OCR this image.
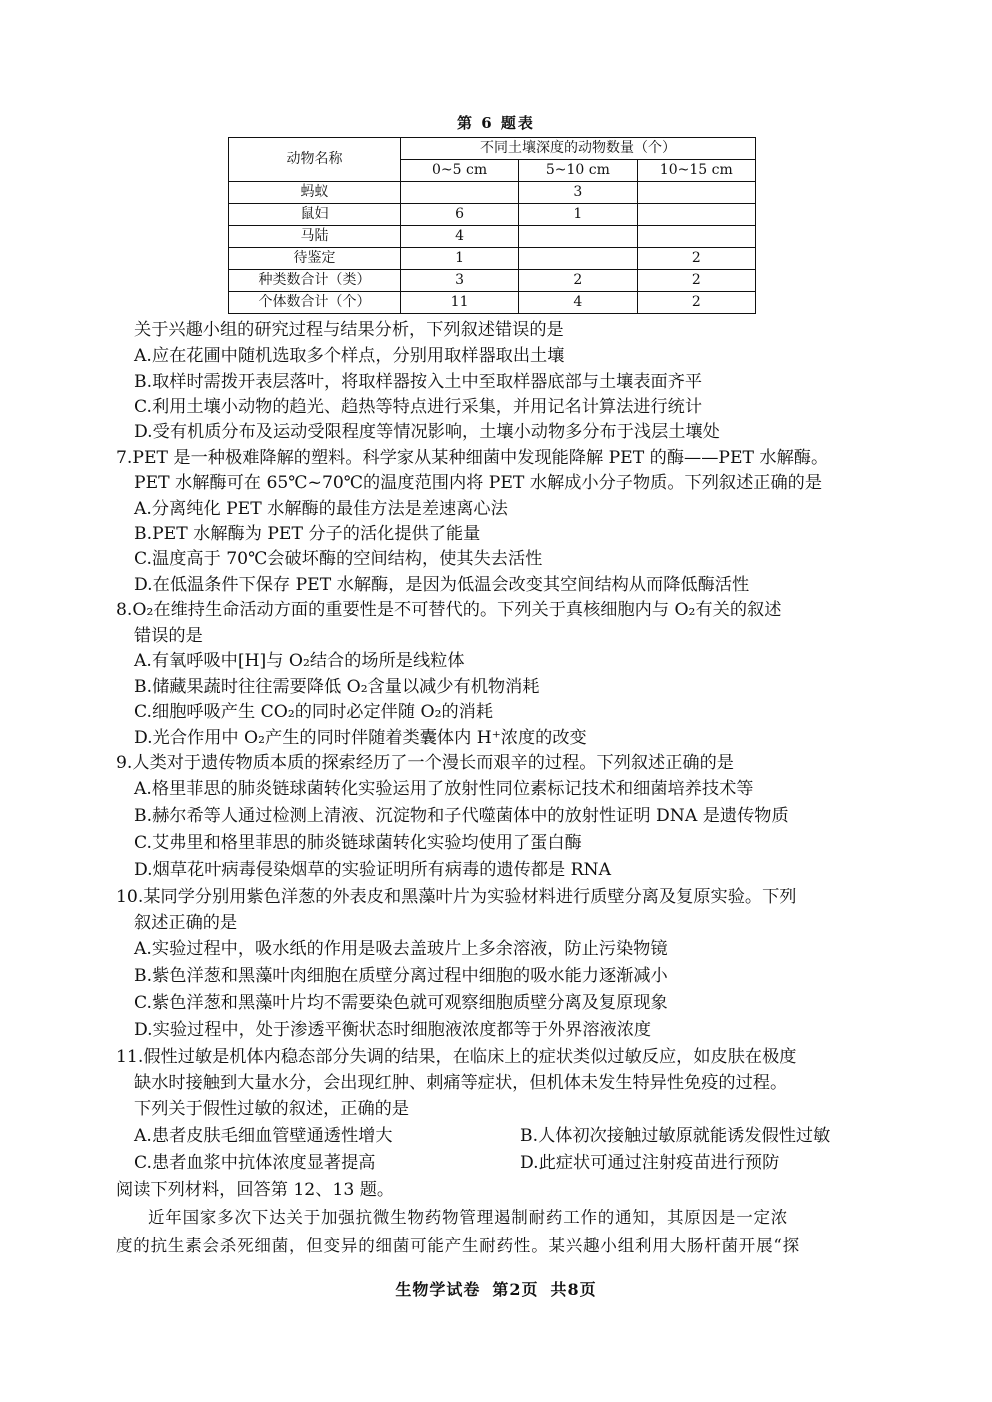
第 6 题表
动物名称	不同土壤深度的动物数量（个）		
	0~5 cm	5~10 cm	10~15 cm
蚂蚁		3	
鼠妇	6	1	
马陆	4		
待鉴定	1		2
种类数合计（类）	3	2	2
个体数合计（个）	11	4	2
关于兴趣小组的研究过程与结果分析，下列叙述错误的是
A.应在花圃中随机选取多个样点，分别用取样器取出土壤
B.取样时需拨开表层落叶，将取样器按入土中至取样器底部与土壤表面齐平
C.利用土壤小动物的趋光、趋热等特点进行采集，并用记名计算法进行统计
D.受有机质分布及运动受限程度等情况影响，土壤小动物多分布于浅层土壤处
7.PET 是一种极难降解的塑料。科学家从某种细菌中发现能降解 PET 的酶——PET 水解酶。
PET 水解酶可在 65℃~70℃的温度范围内将 PET 水解成小分子物质。下列叙述正确的是
A.分离纯化 PET 水解酶的最佳方法是差速离心法
B.PET 水解酶为 PET 分子的活化提供了能量
C.温度高于 70℃会破坏酶的空间结构，使其失去活性
D.在低温条件下保存 PET 水解酶，是因为低温会改变其空间结构从而降低酶活性
8.O₂在维持生命活动方面的重要性是不可替代的。下列关于真核细胞内与 O₂有关的叙述
错误的是
A.有氧呼吸中[H]与 O₂结合的场所是线粒体
B.储藏果蔬时往往需要降低 O₂含量以减少有机物消耗
C.细胞呼吸产生 CO₂的同时必定伴随 O₂的消耗
D.光合作用中 O₂产生的同时伴随着类囊体内 H⁺浓度的改变
9.人类对于遗传物质本质的探索经历了一个漫长而艰辛的过程。下列叙述正确的是
A.格里菲思的肺炎链球菌转化实验运用了放射性同位素标记技术和细菌培养技术等
B.赫尔希等人通过检测上清液、沉淀物和子代噬菌体中的放射性证明 DNA 是遗传物质
C.艾弗里和格里菲思的肺炎链球菌转化实验均使用了蛋白酶
D.烟草花叶病毒侵染烟草的实验证明所有病毒的遗传都是 RNA
10.某同学分别用紫色洋葱的外表皮和黑藻叶片为实验材料进行质壁分离及复原实验。下列
叙述正确的是
A.实验过程中，吸水纸的作用是吸去盖玻片上多余溶液，防止污染物镜
B.紫色洋葱和黑藻叶肉细胞在质壁分离过程中细胞的吸水能力逐渐减小
C.紫色洋葱和黑藻叶片均不需要染色就可观察细胞质壁分离及复原现象
D.实验过程中，处于渗透平衡状态时细胞液浓度都等于外界溶液浓度
11.假性过敏是机体内稳态部分失调的结果，在临床上的症状类似过敏反应，如皮肤在极度
缺水时接触到大量水分，会出现红肿、刺痛等症状，但机体未发生特异性免疫的过程。
下列关于假性过敏的叙述，正确的是
A.患者皮肤毛细血管壁通透性增大	B.人体初次接触过敏原就能诱发假性过敏
C.患者血浆中抗体浓度显著提高	D.此症状可通过注射疫苗进行预防
阅读下列材料，回答第 12、13 题。
近年国家多次下达关于加强抗微生物药物管理遏制耐药工作的通知，其原因是一定浓
度的抗生素会杀死细菌，但变异的细菌可能产生耐药性。某兴趣小组利用大肠杆菌开展“探
生物学试卷 第2页 共8页
